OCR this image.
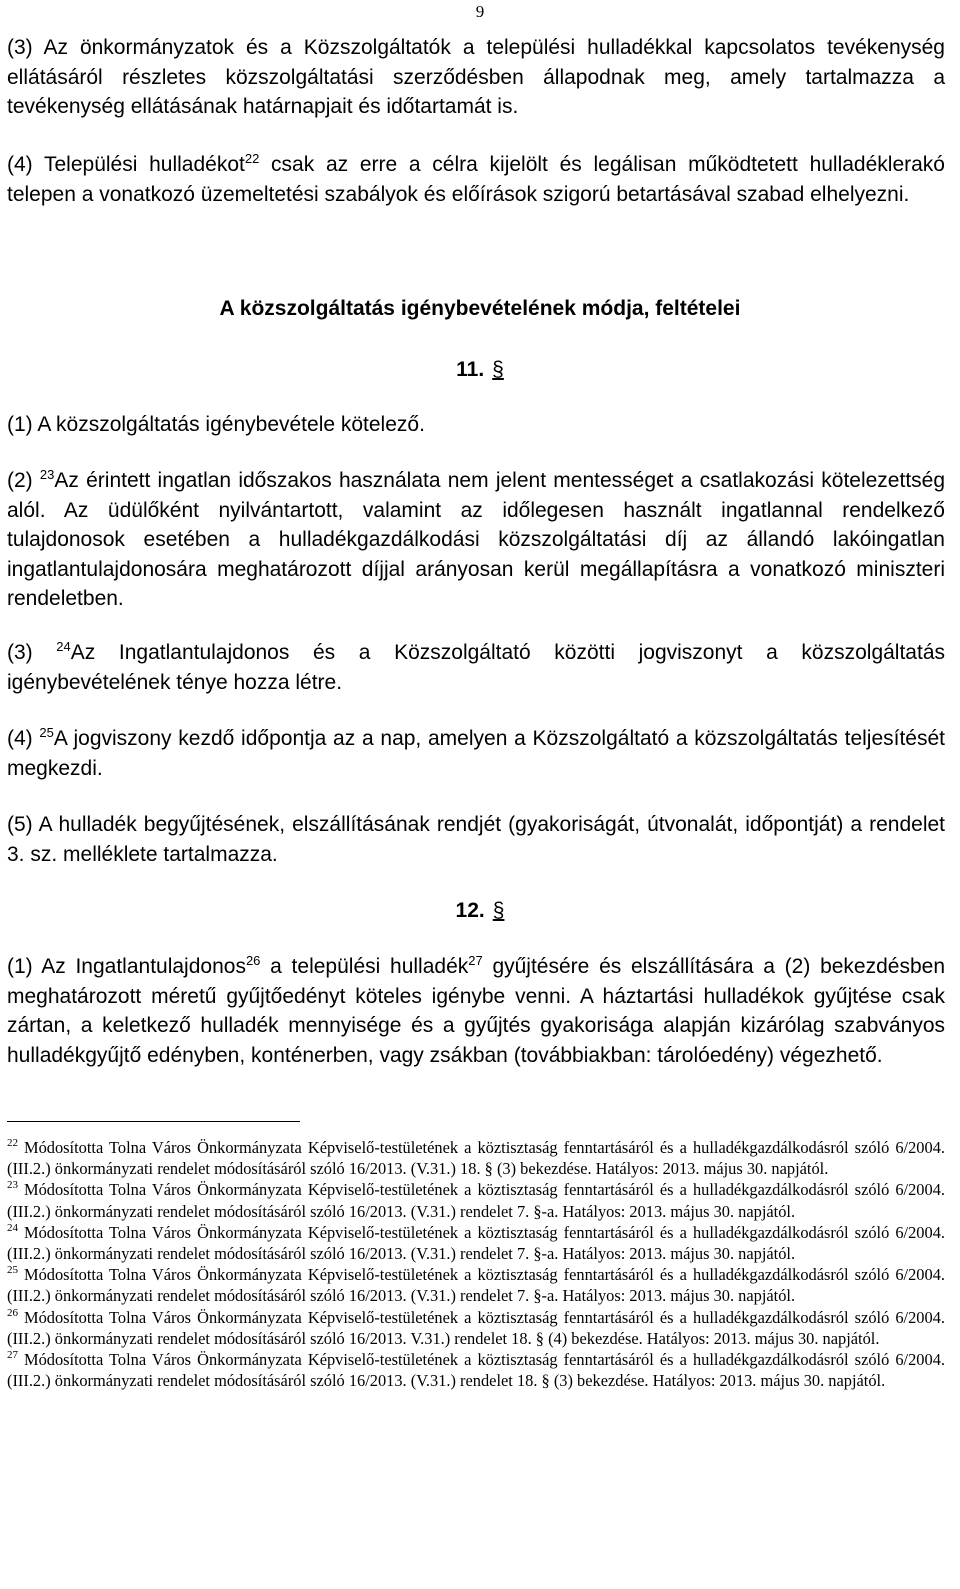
9

(3) Az önkormányzatok és a Közszolgáltatók a települési hulladékkal kapcsolatos tevékenység ellátásáról részletes közszolgáltatási szerződésben állapodnak meg, amely tartalmazza a tevékenység ellátásának határnapjait és időtartamát is.

(4) Települési hulladékot$^{22}$ csak az erre a célra kijelölt és legálisan működtetett hulladéklerakó telepen a vonatkozó üzemeltetési szabályok és előírások szigorú betartásával szabad elhelyezni.

A közszolgáltatás igénybevételének módja, feltételei
11. §

(1) A közszolgáltatás igénybevétele kötelező.

(2) $^{23}$Az érintett ingatlan időszakos használata nem jelent mentességet a csatlakozási kötelezettség alól. Az üdülőként nyilvántartott, valamint az időlegesen használt ingatlannal rendelkező tulajdonosok esetében a hulladékgazdálkodási közszolgáltatási díj az állandó lakóingatlan ingatlantulajdonosára meghatározott díjjal arányosan kerül megállapításra a vonatkozó miniszteri rendeletben.

(3) $^{24}$Az Ingatlantulajdonos és a Közszolgáltató közötti jogviszonyt a közszolgáltatás igénybevételének ténye hozza létre.

(4) $^{25}$A jogviszony kezdő időpontja az a nap, amelyen a Közszolgáltató a közszolgáltatás teljesítését megkezdi.

(5) A hulladék begyűjtésének, elszállításának rendjét (gyakoriságát, útvonalát, időpontját) a rendelet 3. sz. melléklete tartalmazza.

12. §

(1) Az Ingatlantulajdonos$^{26}$ a települési hulladék$^{27}$ gyűjtésére és elszállítására a (2) bekezdésben meghatározott méretű gyűjtőedényt köteles igénybe venni. A háztartási hulladékok gyűjtése csak zártan, a keletkező hulladék mennyisége és a gyűjtés gyakorisága alapján kizárólag szabványos hulladékgyűjtő edényben, konténerben, vagy zsákban (továbbiakban: tárolóedény) végezhető.

$^{22}$ Módosította Tolna Város Önkormányzata Képviselő-testületének a köztisztaság fenntartásáról és a hulladékgazdálkodásról szóló 6/2004. (III.2.) önkormányzati rendelet módosításáról szóló 16/2013. (V.31.) 18. § (3) bekezdése. Hatályos: 2013. május 30. napjától.

$^{23}$ Módosította Tolna Város Önkormányzata Képviselő-testületének a köztisztaság fenntartásáról és a hulladékgazdálkodásról szóló 6/2004. (III.2.) önkormányzati rendelet módosításáról szóló 16/2013. (V.31.) rendelet 7. §-a. Hatályos: 2013. május 30. napjától.

$^{24}$ Módosította Tolna Város Önkormányzata Képviselő-testületének a köztisztaság fenntartásáról és a hulladékgazdálkodásról szóló 6/2004. (III.2.) önkormányzati rendelet módosításáról szóló 16/2013. (V.31.) rendelet 7. §-a. Hatályos: 2013. május 30. napjától.

$^{25}$ Módosította Tolna Város Önkormányzata Képviselő-testületének a köztisztaság fenntartásáról és a hulladékgazdálkodásról szóló 6/2004. (III.2.) önkormányzati rendelet módosításáról szóló 16/2013. (V.31.) rendelet 7. §-a. Hatályos: 2013. május 30. napjától.

$^{26}$ Módosította Tolna Város Önkormányzata Képviselő-testületének a köztisztaság fenntartásáról és a hulladékgazdálkodásról szóló 6/2004. (III.2.) önkormányzati rendelet módosításáról szóló 16/2013. V.31.) rendelet 18. § (4) bekezdése. Hatályos: 2013. május 30. napjától.

$^{27}$ Módosította Tolna Város Önkormányzata Képviselő-testületének a köztisztaság fenntartásáról és a hulladékgazdálkodásról szóló 6/2004. (III.2.) önkormányzati rendelet módosításáról szóló 16/2013. (V.31.) rendelet 18. § (3) bekezdése. Hatályos: 2013. május 30. napjától.
